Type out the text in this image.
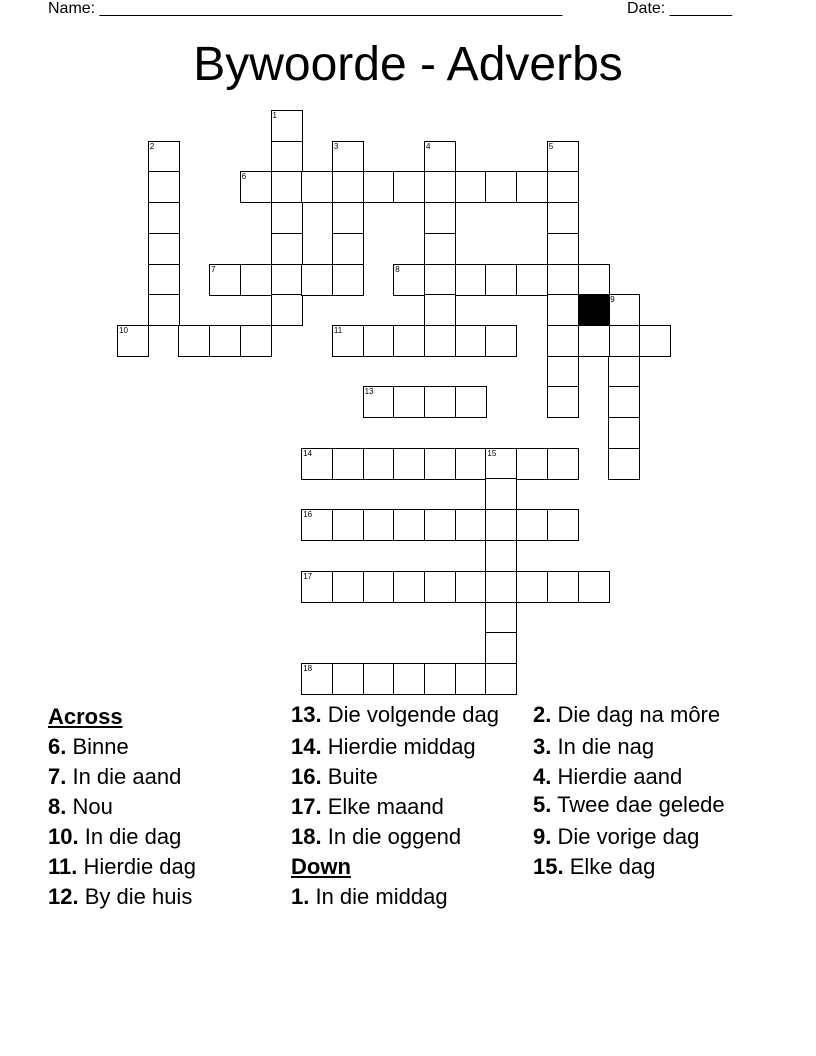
Name: ____________________________________________________	Date: _______
Bywoorde - Adverbs
1
2	3	4	5
6
7	8
9
10	11
13
14	15
16
17
18
Across
6. Binne
7. In die aand
8. Nou
10. In die dag
11. Hierdie dag
12. By die huis
13. Die volgende dag
14. Hierdie middag
16. Buite
17. Elke maand
18. In die oggend
Down
1. In die middag
2. Die dag na môre
3. In die nag
4. Hierdie aand
5. Twee dae gelede
9. Die vorige dag
15. Elke dag
